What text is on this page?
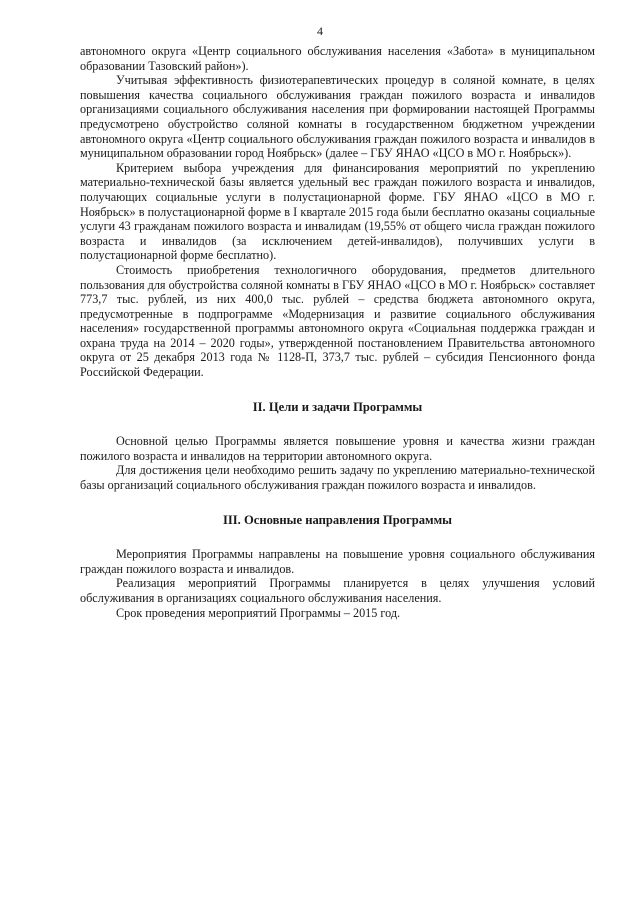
4

автономного округа «Центр социального обслуживания населения «Забота» в муниципальном образовании Тазовский район»).

Учитывая эффективность физиотерапевтических процедур в соляной комнате, в целях повышения качества социального обслуживания граждан пожилого возраста и инвалидов организациями социального обслуживания населения при формировании настоящей Программы предусмотрено обустройство соляной комнаты в государственном бюджетном учреждении автономного округа «Центр социального обслуживания граждан пожилого возраста и инвалидов в муниципальном образовании город Ноябрьск» (далее – ГБУ ЯНАО «ЦСО в МО г. Ноябрьск»).

Критерием выбора учреждения для финансирования мероприятий по укреплению материально-технической базы является удельный вес граждан пожилого возраста и инвалидов, получающих социальные услуги в полустационарной форме. ГБУ ЯНАО «ЦСО в МО г. Ноябрьск» в полустационарной форме в I квартале 2015 года были бесплатно оказаны социальные услуги 43 гражданам пожилого возраста и инвалидам (19,55% от общего числа граждан пожилого возраста и инвалидов (за исключением детей-инвалидов), получивших услуги в полустационарной форме бесплатно).

Стоимость приобретения технологичного оборудования, предметов длительного пользования для обустройства соляной комнаты в ГБУ ЯНАО «ЦСО в МО г. Ноябрьск» составляет 773,7 тыс. рублей, из них 400,0 тыс. рублей – средства бюджета автономного округа, предусмотренные в подпрограмме «Модернизация и развитие социального обслуживания населения» государственной программы автономного округа «Социальная поддержка граждан и охрана труда на 2014 – 2020 годы», утвержденной постановлением Правительства автономного округа от 25 декабря 2013 года № 1128-П, 373,7 тыс. рублей – субсидия Пенсионного фонда Российской Федерации.

II. Цели и задачи Программы

Основной целью Программы является повышение уровня и качества жизни граждан пожилого возраста и инвалидов на территории автономного округа.

Для достижения цели необходимо решить задачу по укреплению материально-технической базы организаций социального обслуживания граждан пожилого возраста и инвалидов.

III. Основные направления Программы

Мероприятия Программы направлены на повышение уровня социального обслуживания граждан пожилого возраста и инвалидов.

Реализация мероприятий Программы планируется в целях улучшения условий обслуживания в организациях социального обслуживания населения.

Срок проведения мероприятий Программы – 2015 год.
